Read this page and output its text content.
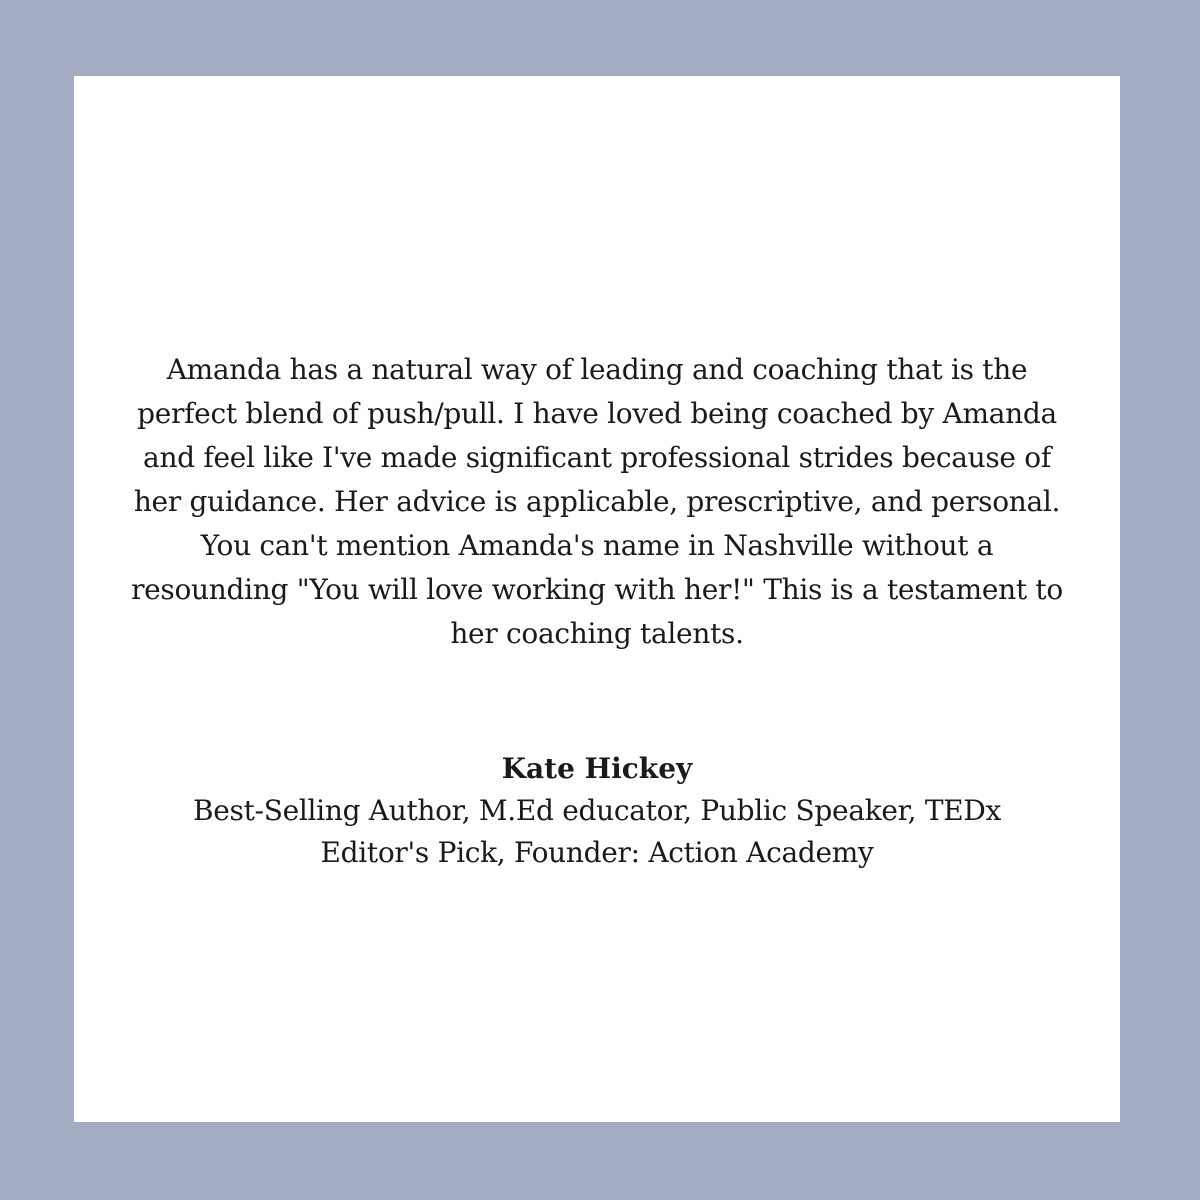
Amanda has a natural way of leading and coaching that is the perfect blend of push/pull. I have loved being coached by Amanda and feel like I've made significant professional strides because of her guidance. Her advice is applicable, prescriptive, and personal. You can't mention Amanda's name in Nashville without a resounding "You will love working with her!" This is a testament to her coaching talents.

Kate Hickey
Best-Selling Author, M.Ed educator, Public Speaker, TEDx Editor's Pick, Founder: Action Academy
